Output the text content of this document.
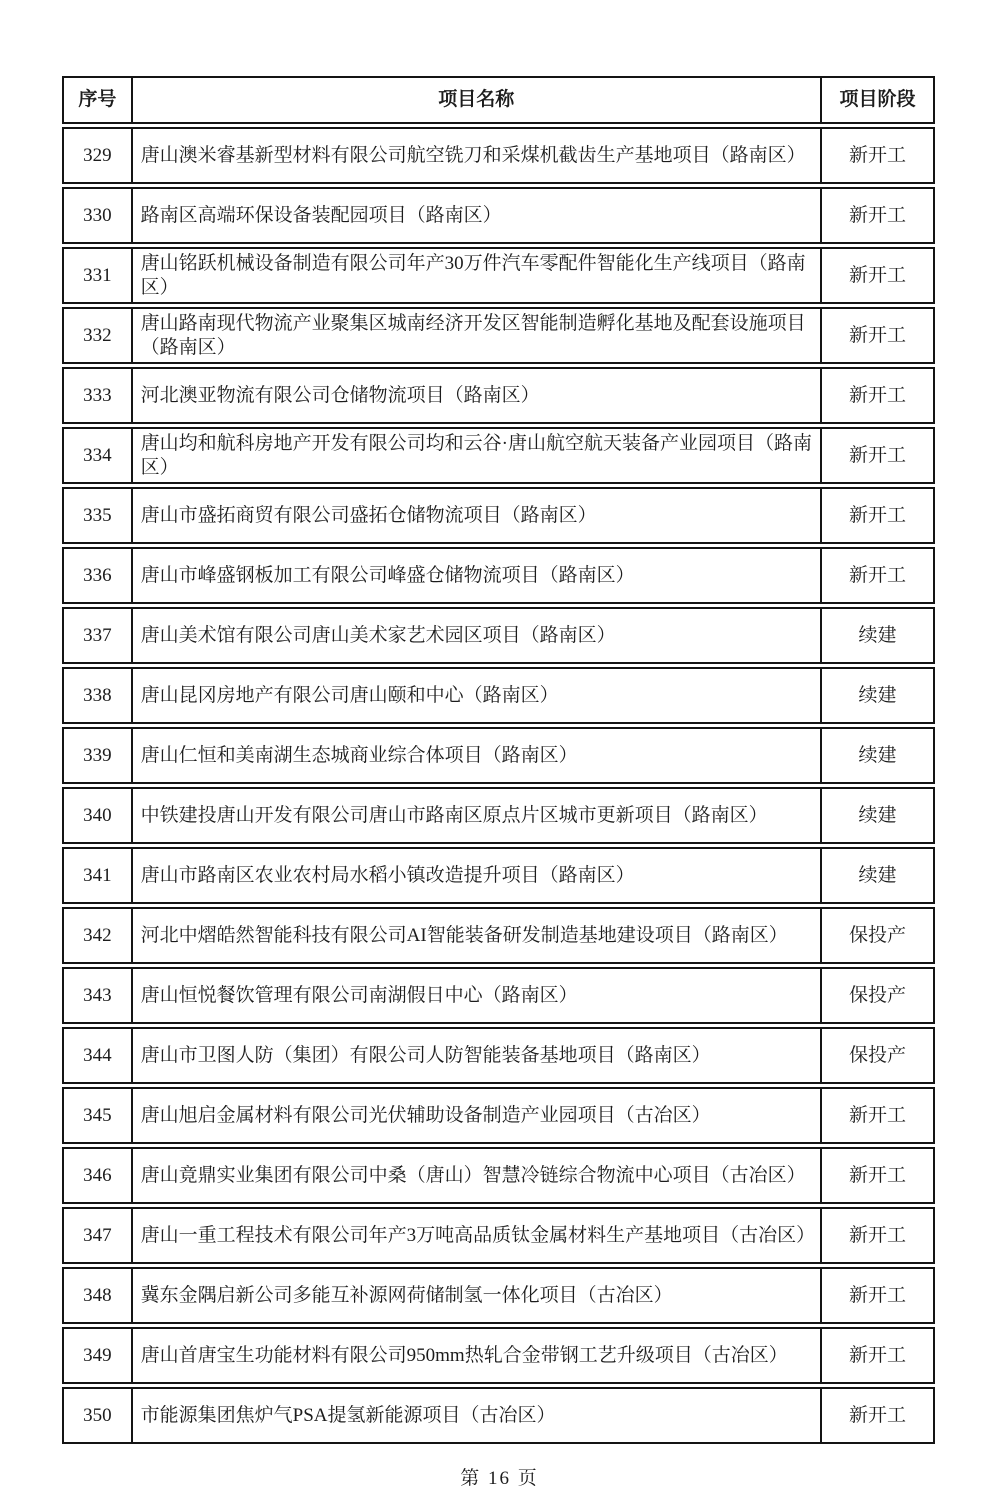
序号	项目名称	项目阶段
329	唐山澳米睿基新型材料有限公司航空铣刀和采煤机截齿生产基地项目（路南区）	新开工
330	路南区高端环保设备装配园项目（路南区）	新开工
331	唐山铭跃机械设备制造有限公司年产30万件汽车零配件智能化生产线项目（路南区）	新开工
332	唐山路南现代物流产业聚集区城南经济开发区智能制造孵化基地及配套设施项目（路南区）	新开工
333	河北澳亚物流有限公司仓储物流项目（路南区）	新开工
334	唐山均和航科房地产开发有限公司均和云谷·唐山航空航天装备产业园项目（路南区）	新开工
335	唐山市盛拓商贸有限公司盛拓仓储物流项目（路南区）	新开工
336	唐山市峰盛钢板加工有限公司峰盛仓储物流项目（路南区）	新开工
337	唐山美术馆有限公司唐山美术家艺术园区项目（路南区）	续建
338	唐山昆冈房地产有限公司唐山颐和中心（路南区）	续建
339	唐山仁恒和美南湖生态城商业综合体项目（路南区）	续建
340	中铁建投唐山开发有限公司唐山市路南区原点片区城市更新项目（路南区）	续建
341	唐山市路南区农业农村局水稻小镇改造提升项目（路南区）	续建
342	河北中熠皓然智能科技有限公司AI智能装备研发制造基地建设项目（路南区）	保投产
343	唐山恒悦餐饮管理有限公司南湖假日中心（路南区）	保投产
344	唐山市卫图人防（集团）有限公司人防智能装备基地项目（路南区）	保投产
345	唐山旭启金属材料有限公司光伏辅助设备制造产业园项目（古冶区）	新开工
346	唐山竟鼎实业集团有限公司中桑（唐山）智慧冷链综合物流中心项目（古冶区）	新开工
347	唐山一重工程技术有限公司年产3万吨高品质钛金属材料生产基地项目（古冶区）	新开工
348	冀东金隅启新公司多能互补源网荷储制氢一体化项目（古冶区）	新开工
349	唐山首唐宝生功能材料有限公司950mm热轧合金带钢工艺升级项目（古冶区）	新开工
350	市能源集团焦炉气PSA提氢新能源项目（古冶区）	新开工
第 16 页
